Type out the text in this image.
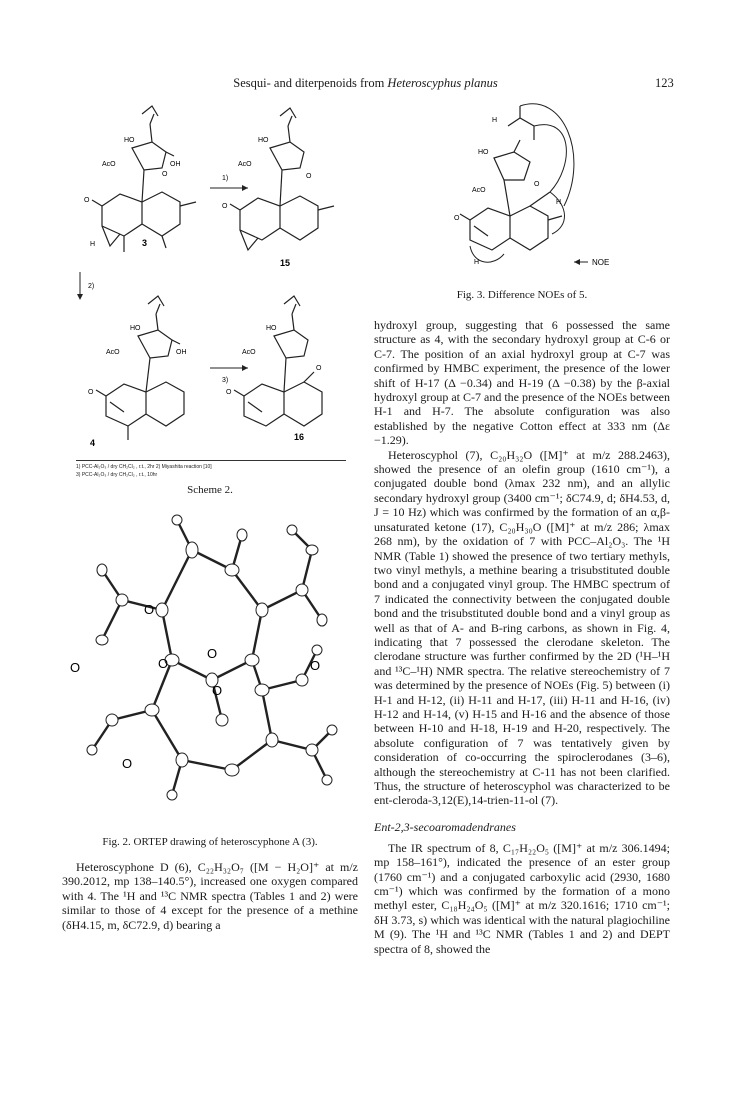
Sesqui- and diterpenoids from Heteroscyphus planus	123
HO
AcO	OH
O
O
H	3
1)
HO
AcO
O
O
15
2)
HO
AcO	OH
O
4
3)
HO
AcO
O
O
16
1) PCC-Al₂O₃ / dry CH₂Cl₂ , r.t., 2hr 2) Miyashita reaction [10]
3) PCC-Al₂O₃ / dry CH₂Cl₂ , r.t., 10hr
Scheme 2.
H
HO
AcO
O
O
H
H	NOE
Fig. 3. Difference NOEs of 5.
O
O
O
O
O
O
O
Fig. 2. ORTEP drawing of heteroscyphone A (3).

Heteroscyphone D (6), C₂₂H₃₂O₇ ([M − H₂O]⁺ at m/z 390.2012, mp 138–140.5°), increased one oxygen compared with 4. The ¹H and ¹³C NMR spectra (Tables 1 and 2) were similar to those of 4 except for the presence of a methine (δH4.15, m, δC72.9, d) bearing a

hydroxyl group, suggesting that 6 possessed the same structure as 4, with the secondary hydroxyl group at C-6 or C-7. The position of an axial hydroxyl group at C-7 was confirmed by HMBC experiment, the presence of the lower shift of H-17 (Δ −0.34) and H-19 (Δ −0.38) by the β-axial hydroxyl group at C-7 and the presence of the NOEs between H-1 and H-7. The absolute configuration was also established by the negative Cotton effect at 333 nm (Δε −1.29).

Heteroscyphol (7), C₂₀H₃₂O ([M]⁺ at m/z 288.2463), showed the presence of an olefin group (1610 cm⁻¹), a conjugated double bond (λmax 232 nm), and an allylic secondary hydroxyl group (3400 cm⁻¹; δC74.9, d; δH4.53, d, J = 10 Hz) which was confirmed by the formation of an α,β-unsaturated ketone (17), C₂₀H₃₀O ([M]⁺ at m/z 286; λmax 268 nm), by the oxidation of 7 with PCC–Al₂O₃. The ¹H NMR (Table 1) showed the presence of two tertiary methyls, two vinyl methyls, a methine bearing a trisubstituted double bond and a conjugated vinyl group. The HMBC spectrum of 7 indicated the connectivity between the conjugated double bond and the trisubstituted double bond and a vinyl group as well as that of A- and B-ring carbons, as shown in Fig. 4, indicating that 7 possessed the clerodane skeleton. The clerodane structure was further confirmed by the 2D (¹H–¹H and ¹³C–¹H) NMR spectra. The relative stereochemistry of 7 was determined by the presence of NOEs (Fig. 5) between (i) H-1 and H-12, (ii) H-11 and H-17, (iii) H-11 and H-16, (iv) H-12 and H-14, (v) H-15 and H-16 and the absence of those between H-10 and H-18, H-19 and H-20, respectively. The absolute configuration of 7 was tentatively given by consideration of co-occurring the spiroclerodanes (3–6), although the stereochemistry at C-11 has not been clarified. Thus, the structure of heteroscyphol was characterized to be ent-cleroda-3,12(E),14-trien-11-ol (7).

Ent-2,3-secoaromadendranes

The IR spectrum of 8, C₁₇H₂₂O₅ ([M]⁺ at m/z 306.1494; mp 158–161°), indicated the presence of an ester group (1760 cm⁻¹) and a conjugated carboxylic acid (2930, 1680 cm⁻¹) which was confirmed by the formation of a mono methyl ester, C₁₈H₂₄O₅ ([M]⁺ at m/z 320.1616; 1710 cm⁻¹; δH 3.73, s) which was identical with the natural plagiochiline M (9). The ¹H and ¹³C NMR (Tables 1 and 2) and DEPT spectra of 8, showed the
